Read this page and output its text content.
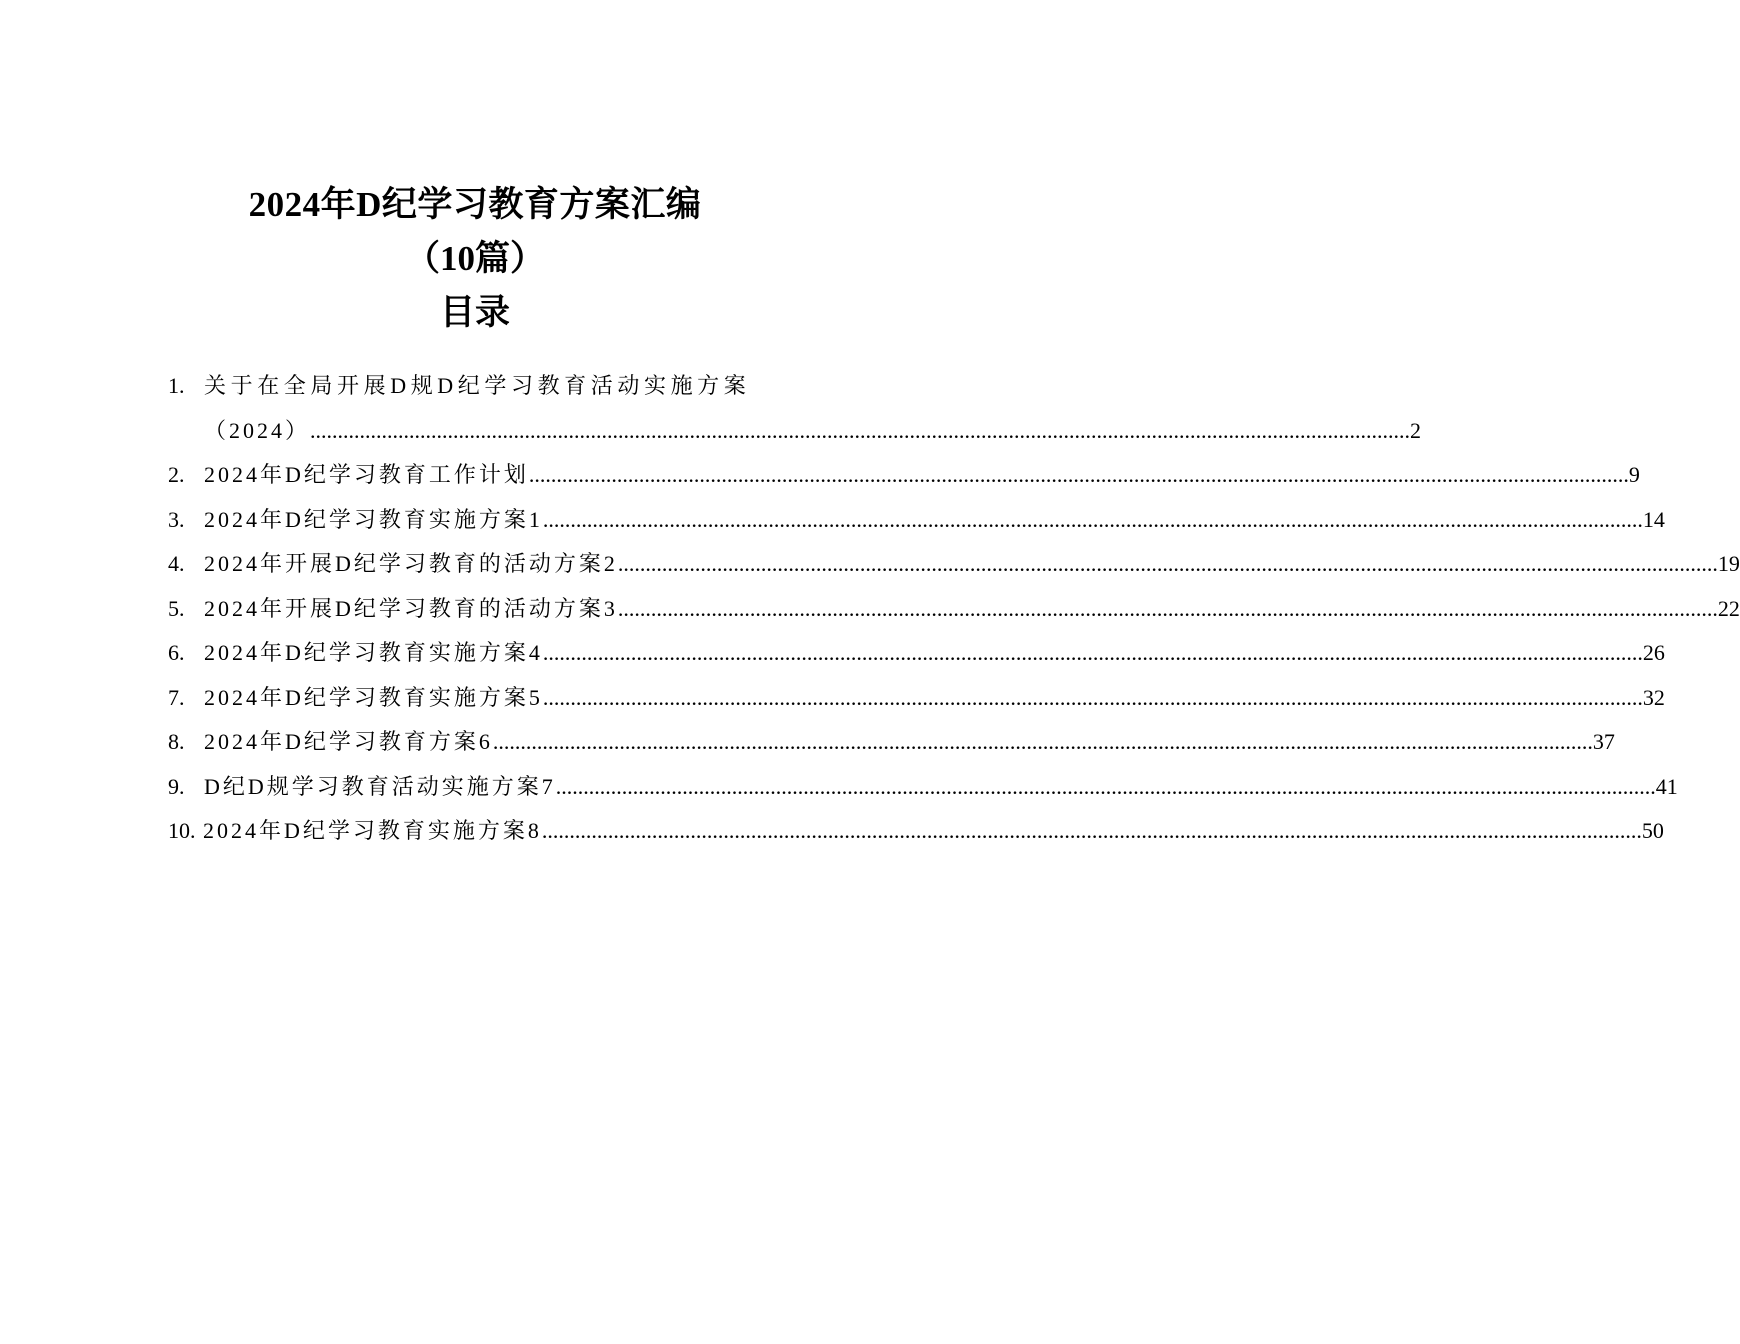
2024年D纪学习教育方案汇编
（10篇）
目录
1. 关于在全局开展D规D纪学习教育活动实施方案
（2024） ........................................................................................................................................................................................................ 2
2. 2024年D纪学习教育工作计划 ........................................................................................................................................................................................................ 9
3. 2024年D纪学习教育实施方案1 ........................................................................................................................................................................................................ 14
4. 2024年开展D纪学习教育的活动方案2 ........................................................................................................................................................................................................ 19
5. 2024年开展D纪学习教育的活动方案3 ........................................................................................................................................................................................................ 22
6. 2024年D纪学习教育实施方案4 ........................................................................................................................................................................................................ 26
7. 2024年D纪学习教育实施方案5 ........................................................................................................................................................................................................ 32
8. 2024年D纪学习教育方案6 ........................................................................................................................................................................................................ 37
9. D纪D规学习教育活动实施方案7 ........................................................................................................................................................................................................ 41
10. 2024年D纪学习教育实施方案8 ........................................................................................................................................................................................................ 50
